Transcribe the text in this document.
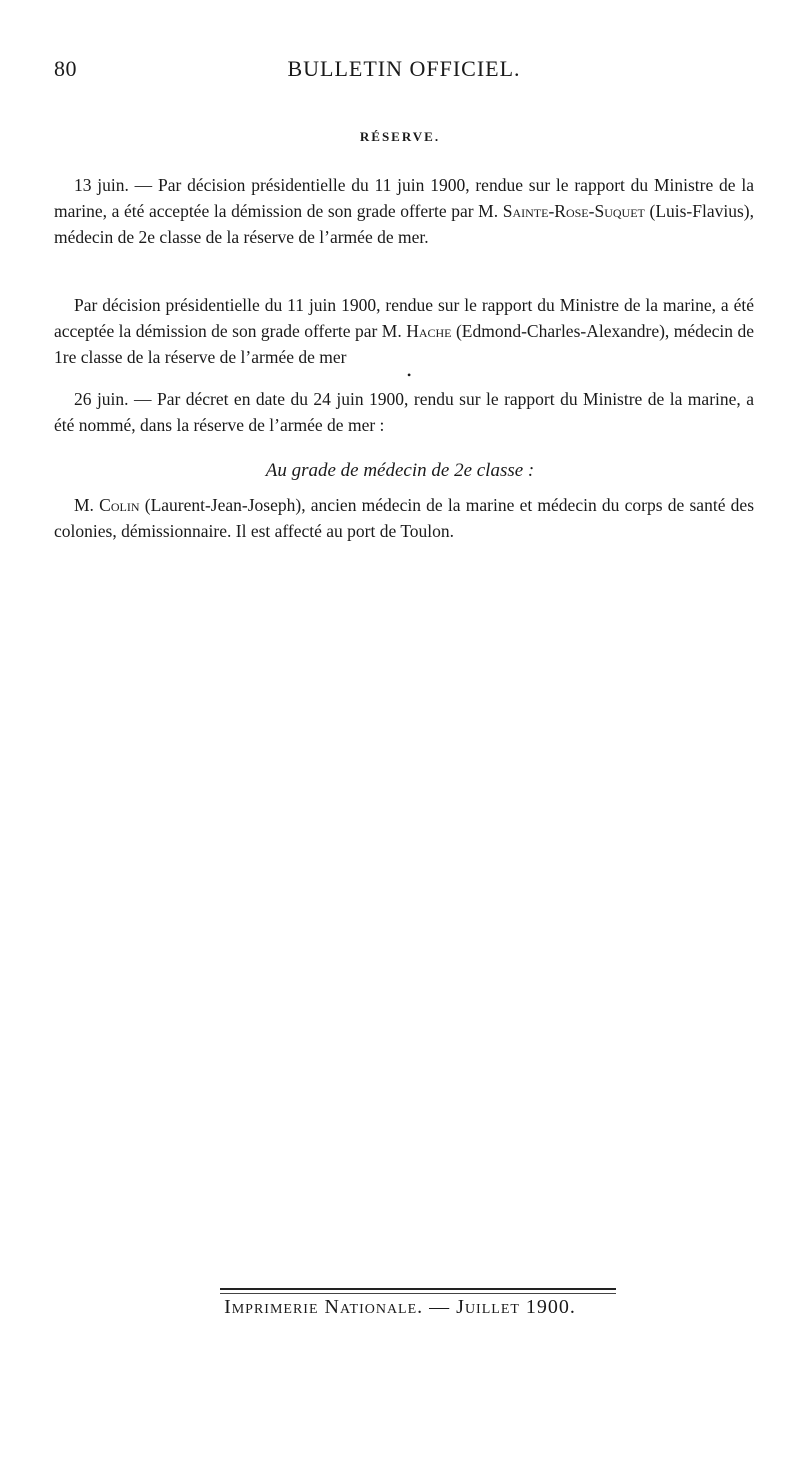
80	BULLETIN OFFICIEL.
RÉSERVE.

13 juin. — Par décision présidentielle du 11 juin 1900, rendue sur le rapport du Ministre de la marine, a été acceptée la démission de son grade offerte par M. Sainte-Rose-Suquet (Luis-Flavius), médecin de 2e classe de la réserve de l’armée de mer.

Par décision présidentielle du 11 juin 1900, rendue sur le rapport du Ministre de la marine, a été acceptée la démission de son grade offerte par M. Hache (Edmond-Charles-Alexandre), médecin de 1re classe de la réserve de l’armée de mer

•

26 juin. — Par décret en date du 24 juin 1900, rendu sur le rapport du Ministre de la marine, a été nommé, dans la réserve de l’armée de mer :

Au grade de médecin de 2e classe :

M. Colin (Laurent-Jean-Joseph), ancien médecin de la marine et médecin du corps de santé des colonies, démissionnaire. Il est affecté au port de Toulon.

Imprimerie Nationale. — Juillet 1900.
